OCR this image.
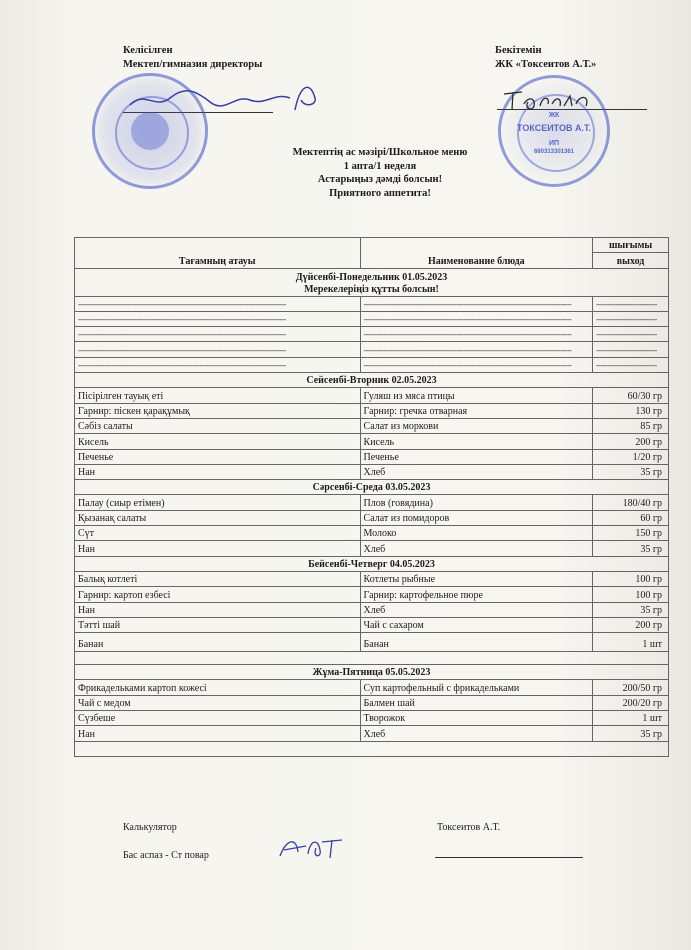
Келісілген
Мектеп/гимназия директоры
Бекітемін
ЖК «Токсеитов А.Т.»
ЖК
ТОКСЕИТОВ А.Т.
ИП
680313301361
Мектептің ас мәзірі/Школьное меню
1 апта/1 неделя
Астарыңыз дәмді болсын!
Приятного аппетита!
Тағамның атауы	Наименование блюда	шығымы
		выход

Дүйсенбі-Понедельник 01.05.2023
Мерекелеріңіз құтты болсын!		

------------------------------------------------------------------------------------------------	------------------------------------------------------------------------------------------------	----------------------------
------------------------------------------------------------------------------------------------	------------------------------------------------------------------------------------------------	----------------------------
------------------------------------------------------------------------------------------------	------------------------------------------------------------------------------------------------	----------------------------
------------------------------------------------------------------------------------------------	------------------------------------------------------------------------------------------------	----------------------------
------------------------------------------------------------------------------------------------	------------------------------------------------------------------------------------------------	----------------------------
Сейсенбі-Вторник 02.05.2023		
Пісірілген тауық еті	Гуляш из мяса птицы	60/30 гр
Гарнир: піскен қарақұмық	Гарнир: гречка отварная	130 гр
Сәбіз салаты	Салат из моркови	85 гр
Кисель	Кисель	200 гр
Печенье	Печенье	1/20 гр
Нан	Хлеб	35 гр
Сәрсенбі-Среда 03.05.2023		
Палау (сиыр етімен)	Плов (говядина)	180/40 гр
Қызанақ салаты	Салат из помидоров	60 гр
Сүт	Молоко	150 гр
Нан	Хлеб	35 гр
Бейсенбі-Четверг 04.05.2023		
Балық котлеті	Котлеты рыбные	100 гр
Гарнир: картоп езбесі	Гарнир: картофельное пюре	100 гр
Нан	Хлеб	35 гр
Тәтті шай	Чай с сахаром	200 гр
Банан	Банан	1 шт

Жұма-Пятница 05.05.2023		
Фрикадельками картоп кожесі	Суп картофельный с фрикадельками	200/50 гр
Чай с медом	Балмен шай	200/20 гр
Сүзбеше	Творожок	1 шт
Нан	Хлеб	35 гр

Калькулятор	Токсеитов А.Т.
Бас аспаз - Ст повар
